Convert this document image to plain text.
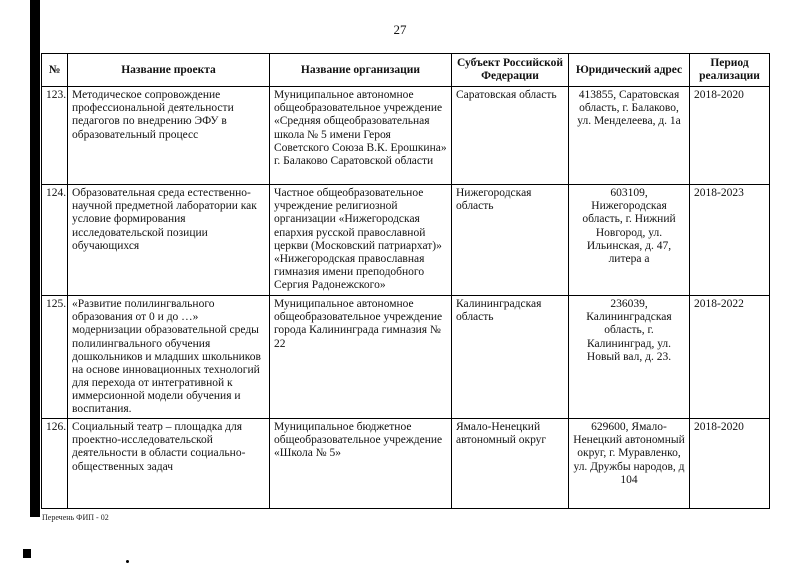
27
№	Название проекта	Название организации	Субъект Российской Федерации	Юридический адрес	Период реализации
123.	Методическое сопровождение профессиональной деятельности педагогов по внедрению ЭФУ в образовательный процесс	Муниципальное автономное общеобразовательное учреждение «Средняя общеобразовательная школа № 5 имени Героя Советского Союза В.К. Ерошкина» г. Балаково Саратовской области	Саратовская область	413855, Саратовская область, г. Балаково, ул. Менделеева, д. 1а	2018-2020
124.	Образовательная среда естественно-научной предметной лаборатории как условие формирования исследовательской позиции обучающихся	Частное общеобразовательное учреждение религиозной организации «Нижегородская епархия русской православной церкви (Московский патриархат)» «Нижегородская православная гимназия имени преподобного Сергия Радонежского»	Нижегородская область	603109, Нижегородская область, г. Нижний Новгород, ул. Ильинская, д. 47, литера а	2018-2023
125.	«Развитие полилингвального образования от 0 и до …» модернизации образовательной среды полилингвального обучения дошкольников и младших школьников на основе инновационных технологий для перехода от интегративной к иммерсионной модели обучения и воспитания.	Муниципальное автономное общеобразовательное учреждение города Калининграда гимназия № 22	Калининградская область	236039, Калининградская область, г. Калининград, ул. Новый вал, д. 23.	2018-2022
126.	Социальный театр – площадка для проектно-исследовательской деятельности в области социально-общественных задач	Муниципальное бюджетное общеобразовательное учреждение «Школа № 5»	Ямало-Ненецкий автономный округ	629600, Ямало-Ненецкий автономный округ, г. Муравленко, ул. Дружбы народов, д 104	2018-2020
Перечень ФИП - 02
